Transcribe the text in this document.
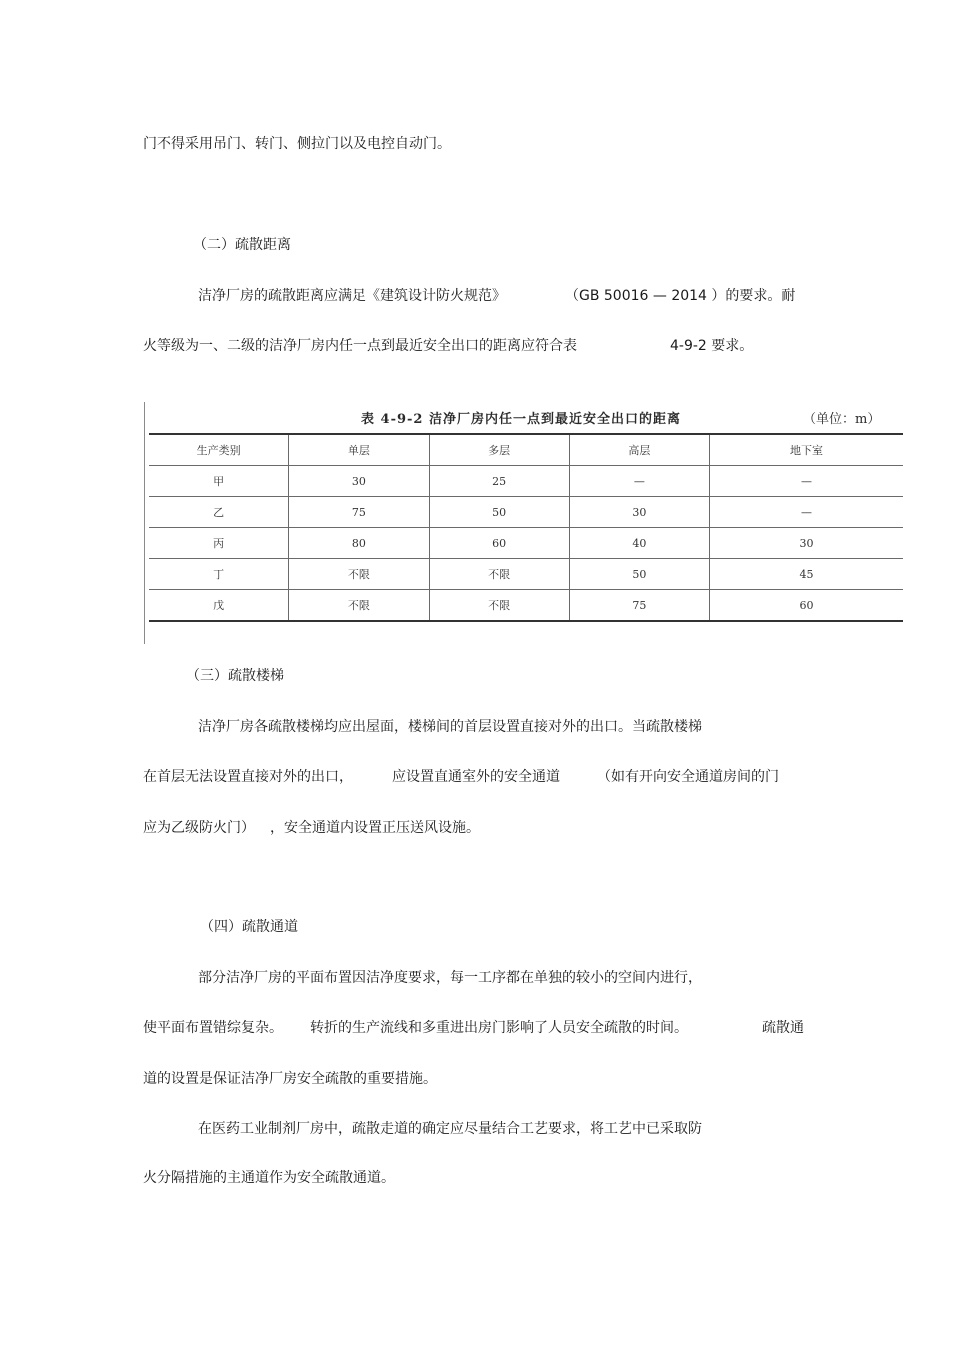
门不得采用吊门、转门、侧拉门以及电控自动门。
（二）疏散距离
洁净厂房的疏散距离应满足《建筑设计防火规范》	（GB 50016 — 2014 ）的要求。耐
火等级为一、二级的洁净厂房内任一点到最近安全出口的距离应符合表	4-9-2 要求。
表 4-9-2 洁净厂房内任一点到最近安全出口的距离	（单位：m）
生产类别	单层	多层	高层	地下室
甲	30	25	—	—
乙	75	50	30	—
丙	80	60	40	30
丁	不限	不限	50	45
戊	不限	不限	75	60
（三）疏散楼梯
洁净厂房各疏散楼梯均应出屋面，楼梯间的首层设置直接对外的出口。当疏散楼梯
在首层无法设置直接对外的出口，	应设置直通室外的安全通道	（如有开向安全通道房间的门
应为乙级防火门） ，安全通道内设置正压送风设施。
（四）疏散通道
部分洁净厂房的平面布置因洁净度要求，每一工序都在单独的较小的空间内进行，
使平面布置错综复杂。 转折的生产流线和多重进出房门影响了人员安全疏散的时间。	疏散通
道的设置是保证洁净厂房安全疏散的重要措施。
在医药工业制剂厂房中，疏散走道的确定应尽量结合工艺要求，将工艺中已采取防
火分隔措施的主通道作为安全疏散通道。
